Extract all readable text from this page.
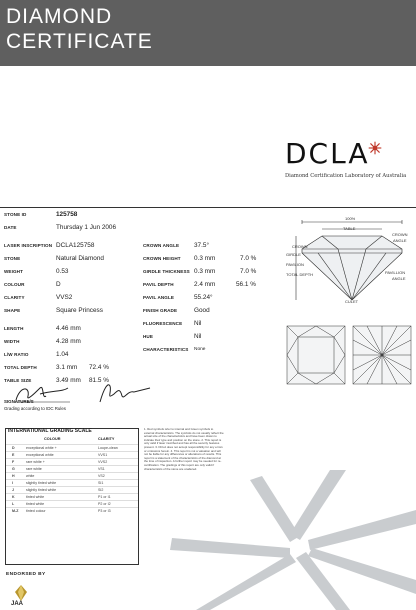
DIAMOND
CERTIFICATE
DCLA
Diamond Certification Laboratory of Australia
STONE ID	125758
DATE	Thursday 1 Jun 2006
LASER INSCRIPTION DCLA125758
STONE	Natural Diamond
WEIGHT	0.53
COLOUR	D
CLARITY	VVS2
SHAPE	Square Princess
LENGTH	4.46 mm
WIDTH	4.28 mm
L/W RATIO	1.04
TOTAL DEPTH	3.1 mm 72.4 %
TABLE SIZE	3.49 mm 81.5 %
CROWN ANGLE 37.5°
CROWN HEIGHT 0.3 mm	7.0 %
GIRDLE THICKNESS 0.3 mm	7.0 %
PAVIL DEPTH	2.4 mm	56.1 %
PAVIL ANGLE	55.24°
FINISH GRADE	Good
FLUORESCENCE Nil
HUE	Nil
CHARACTERISTICS None
100%
TABLE
CROWN
ANGLE
CROWN
GIRDLE
PAVILION
TOTAL DEPTH	PAVILLION
ANGLE
CULET
SIGNATURE/S
Grading according to IDC Rules
INTERNATIONAL GRADING SCALE
COLOUR	CLARITY
D	exceptional white +	Loupe-clean
E	exceptional white	VVS1
F	rare white +	VVS2
G	rare white	VS1
H	white	VS2
I	slightly tinted white	SI1
J	slightly tinted white	SI2
K	tinted white	P1 or I1
L	tinted white	P2 or I2
M-Z tinted colour	P3 or I3
1. Red symbols refer to internal and Green symbols to external characteristics. The symbols do not usually reflect the actual size of the characteristics and have been drawn to indicate their type and position on the stone. 2. This report is only valid if laser inscribed and has all the security features present. 3. DCLA does not accept responsibility for any errors or omissions herein. 4. This report is not a valuation and will not be liable for any differences or alterations of results. This report is a statement of the characteristics of the diamond at the time of inspection. A further report may be needed for re-certification. The gradings of this report are only valid if characteristics of the stone are unaltered.
ENDORSED BY
JAA
